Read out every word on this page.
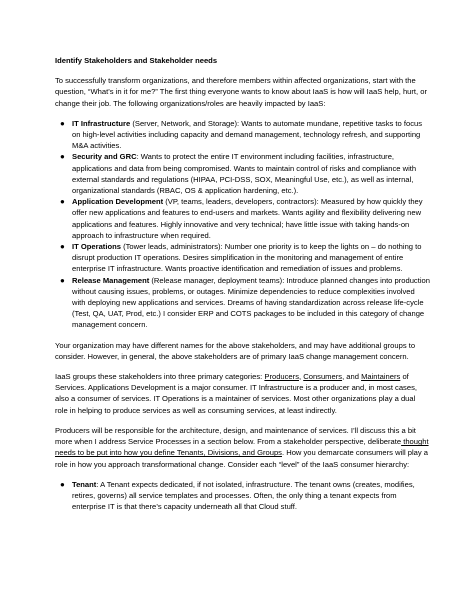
Identify Stakeholders and Stakeholder needs

To successfully transform organizations, and therefore members within affected organizations, start with the question, “What’s in it for me?” The first thing everyone wants to know about IaaS is how will IaaS help, hurt, or change their job. The following organizations/roles are heavily impacted by IaaS:

● IT Infrastructure (Server, Network, and Storage): Wants to automate mundane, repetitive tasks to focus on high-level activities including capacity and demand management, technology refresh, and supporting M&A activities.
● Security and GRC: Wants to protect the entire IT environment including facilities, infrastructure, applications and data from being compromised. Wants to maintain control of risks and compliance with external standards and regulations (HIPAA, PCI-DSS, SOX, Meaningful Use, etc.), as well as internal, organizational standards (RBAC, OS & application hardening, etc.).
● Application Development (VP, teams, leaders, developers, contractors): Measured by how quickly they offer new applications and features to end-users and markets. Wants agility and flexibility delivering new applications and features. Highly innovative and very technical; have little issue with taking hands-on approach to infrastructure when required.
● IT Operations (Tower leads, administrators): Number one priority is to keep the lights on – do nothing to disrupt production IT operations. Desires simplification in the monitoring and management of entire enterprise IT infrastructure. Wants proactive identification and remediation of issues and problems.
● Release Management (Release manager, deployment teams): Introduce planned changes into production without causing issues, problems, or outages. Minimize dependencies to reduce complexities involved with deploying new applications and services. Dreams of having standardization across release life-cycle (Test, QA, UAT, Prod, etc.) I consider ERP and COTS packages to be included in this category of change management concern.

Your organization may have different names for the above stakeholders, and may have additional groups to consider. However, in general, the above stakeholders are of primary IaaS change management concern.

IaaS groups these stakeholders into three primary categories: Producers, Consumers, and Maintainers of Services. Applications Development is a major consumer. IT Infrastructure is a producer and, in most cases, also a consumer of services. IT Operations is a maintainer of services. Most other organizations play a dual role in helping to produce services as well as consuming services, at least indirectly.

Producers will be responsible for the architecture, design, and maintenance of services. I’ll discuss this a bit more when I address Service Processes in a section below. From a stakeholder perspective, deliberate thought needs to be put into how you define Tenants, Divisions, and Groups. How you demarcate consumers will play a role in how you approach transformational change. Consider each “level” of the IaaS consumer hierarchy:

● Tenant: A Tenant expects dedicated, if not isolated, infrastructure. The tenant owns (creates, modifies, retires, governs) all service templates and processes. Often, the only thing a tenant expects from enterprise IT is that there’s capacity underneath all that Cloud stuff.
